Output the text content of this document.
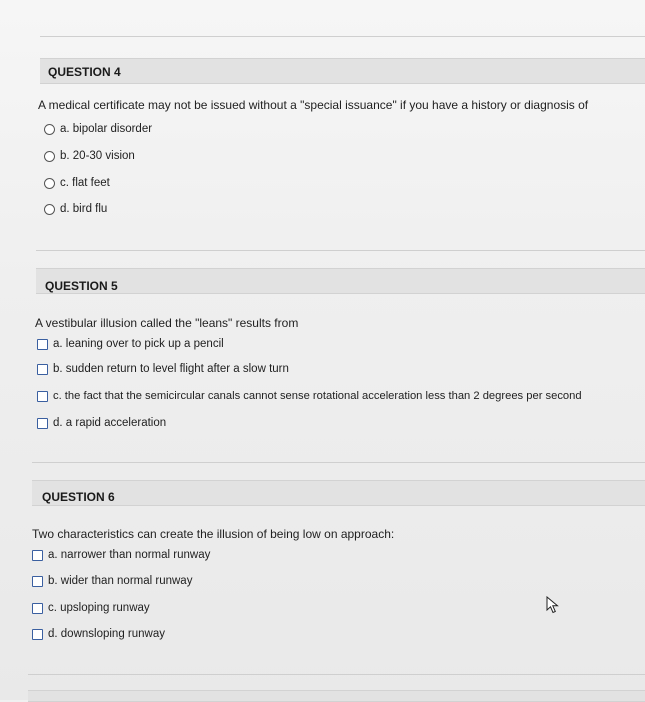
QUESTION 4
A medical certificate may not be issued without a "special issuance" if you have a history or diagnosis of
a. bipolar disorder
b. 20-30 vision
c. flat feet
d. bird flu
QUESTION 5
A vestibular illusion called the "leans" results from
a. leaning over to pick up a pencil
b. sudden return to level flight after a slow turn
c. the fact that the semicircular canals cannot sense rotational acceleration less than 2 degrees per second
d. a rapid acceleration
QUESTION 6
Two characteristics can create the illusion of being low on approach:
a. narrower than normal runway
b. wider than normal runway
c. upsloping runway
d. downsloping runway
